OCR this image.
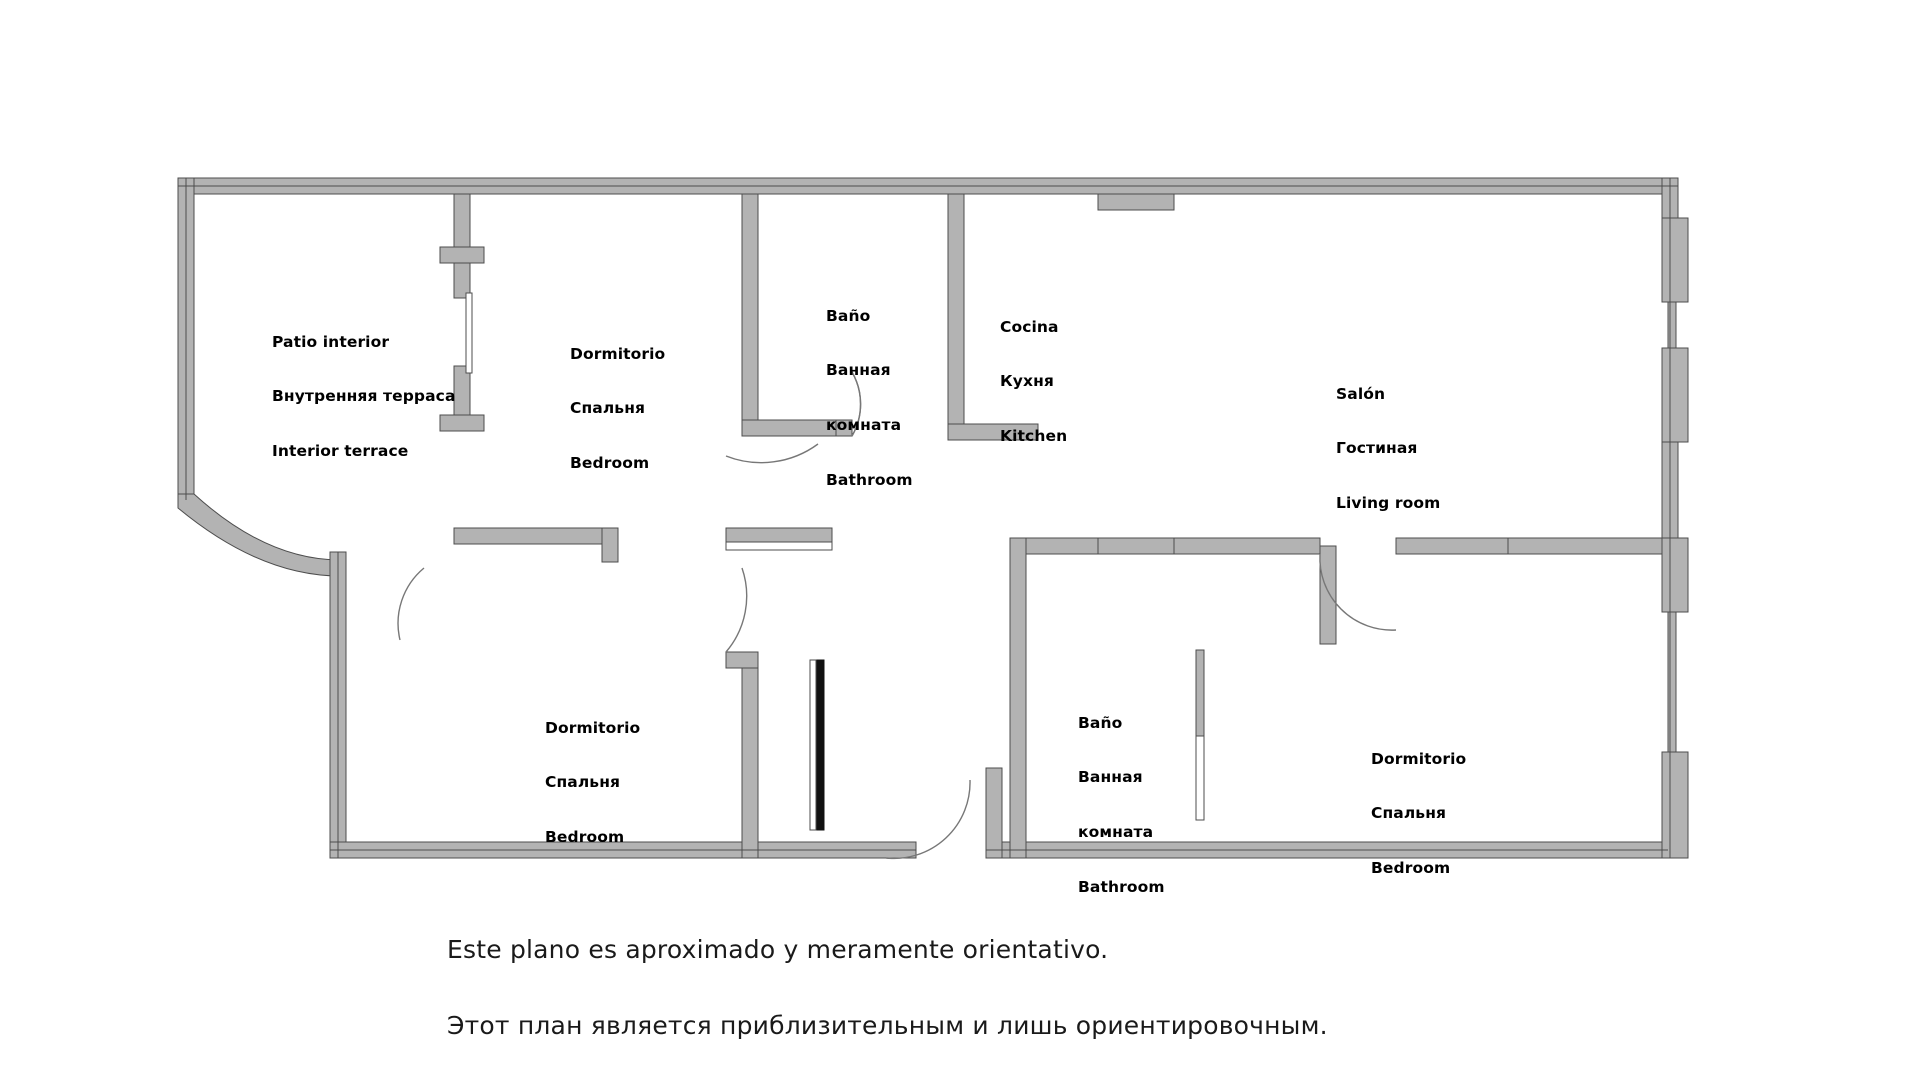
Patio interior

Внутренняя терраса

Interior terrace

Dormitorio

Спальня

Bedroom

Baño

Ванная

комната

Bathroom

Cocina

Кухня

Kitchen

Salón

Гостиная

Living room

Dormitorio

Спальня

Bedroom

Baño

Ванная

комната

Bathroom

Dormitorio

Спальня

Bedroom

Este plano es aproximado y meramente orientativo.
Этот план является приблизительным и лишь ориентировочным.
